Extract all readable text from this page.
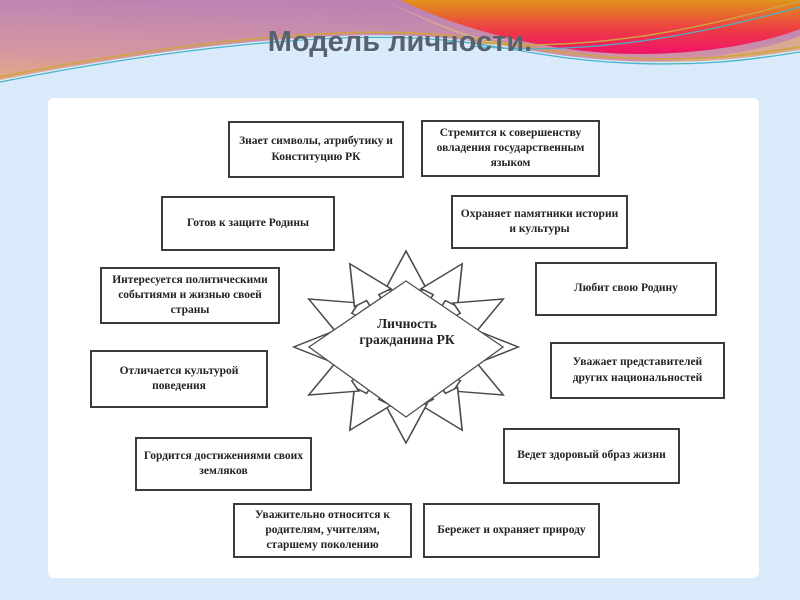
Модель личности.
Личность гражданина РК
Знает символы, атрибутику и Конституцию РК
Стремится к совершенству овладения государственным языком
Готов к защите Родины
Охраняет памятники истории и культуры
Интересуется политическими событиями и жизнью своей страны
Любит свою Родину
Отличается культурой поведения
Уважает представителей других национальностей
Гордится достижениями своих земляков
Ведет здоровый образ жизни
Уважительно относится к родителям, учителям, старшему поколению
Бережет и охраняет природу
